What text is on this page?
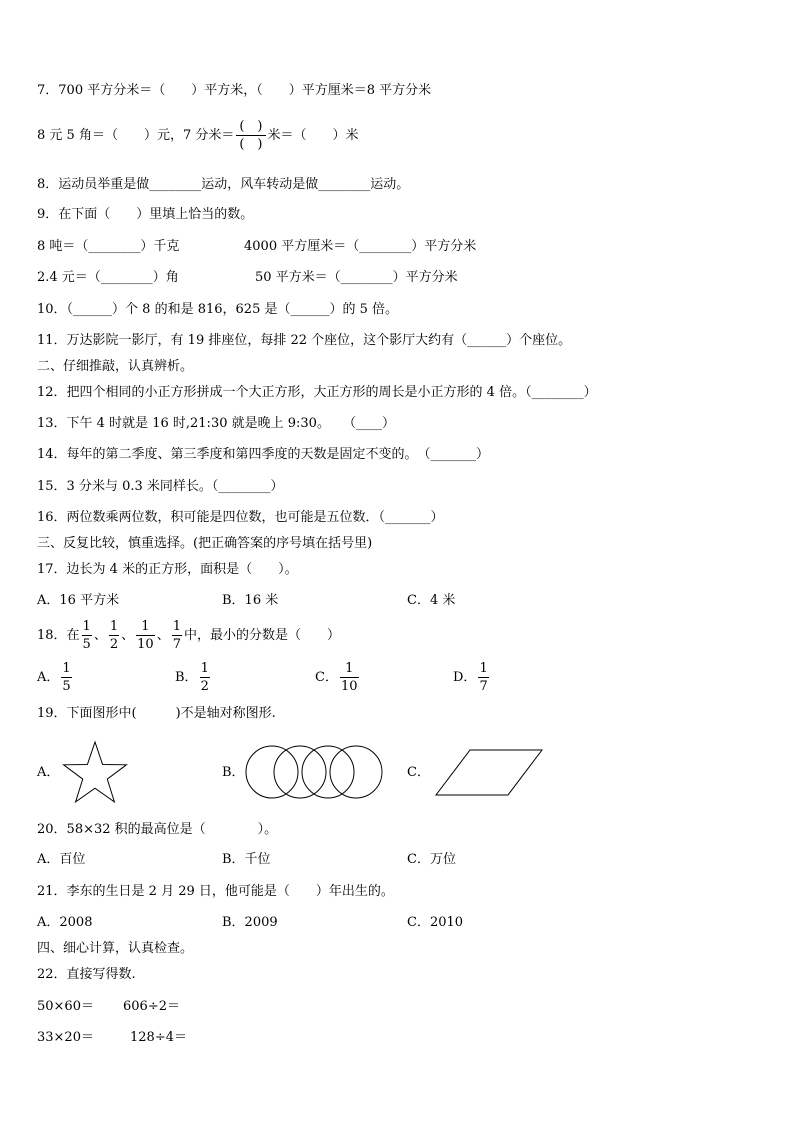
7．700 平方分米＝（　　）平方米，（　　）平方厘米＝8 平方分米
8 元 5 角＝（　　）元，7 分米＝ $\frac{( )}{( )}$ 米＝（　　）米
8．运动员举重是做________运动，风车转动是做________运动。
9．在下面（　　）里填上恰当的数。
8 吨＝（________）千克	4000 平方厘米＝（________）平方分米
2.4 元＝（________）角	50 平方米＝（________）平方分米
10．（______）个 8 的和是 816，625 是（______）的 5 倍。
11．万达影院一影厅，有 19 排座位，每排 22 个座位，这个影厅大约有（______）个座位。
二、仔细推敲，认真辨析。
12．把四个相同的小正方形拼成一个大正方形，大正方形的周长是小正方形的 4 倍。（________）
13．下午 4 时就是 16 时,21:30 就是晚上 9:30。　　（____）
14．每年的第二季度、第三季度和第四季度的天数是固定不变的。　（_______）
15．3 分米与 0.3 米同样长。（________）
16．两位数乘两位数，积可能是四位数，也可能是五位数．（_______）
三、反复比较，慎重选择。(把正确答案的序号填在括号里)
17．边长为 4 米的正方形，面积是（　　）。
A．16 平方米	B．16 米	C．4 米
18．在 $\frac{1}{5}$ 、 $\frac{1}{2}$ 、 $\frac{1}{10}$ 、 $\frac{1}{7}$ 中，最小的分数是（　　）
A． $\frac{1}{5}$	B． $\frac{1}{2}$	C． $\frac{1}{10}$	D． $\frac{1}{7}$
19．下面图形中(　　　)不是轴对称图形.
A．	B．	C．
20．58×32 积的最高位是（　　　　）。
A．百位	B．千位	C．万位
21．李东的生日是 2 月 29 日，他可能是（　　）年出生的。
A．2008	B．2009	C．2010
四、细心计算，认真检查。
22．直接写得数.
50×60＝ 606÷2＝
33×20＝	128÷4＝
